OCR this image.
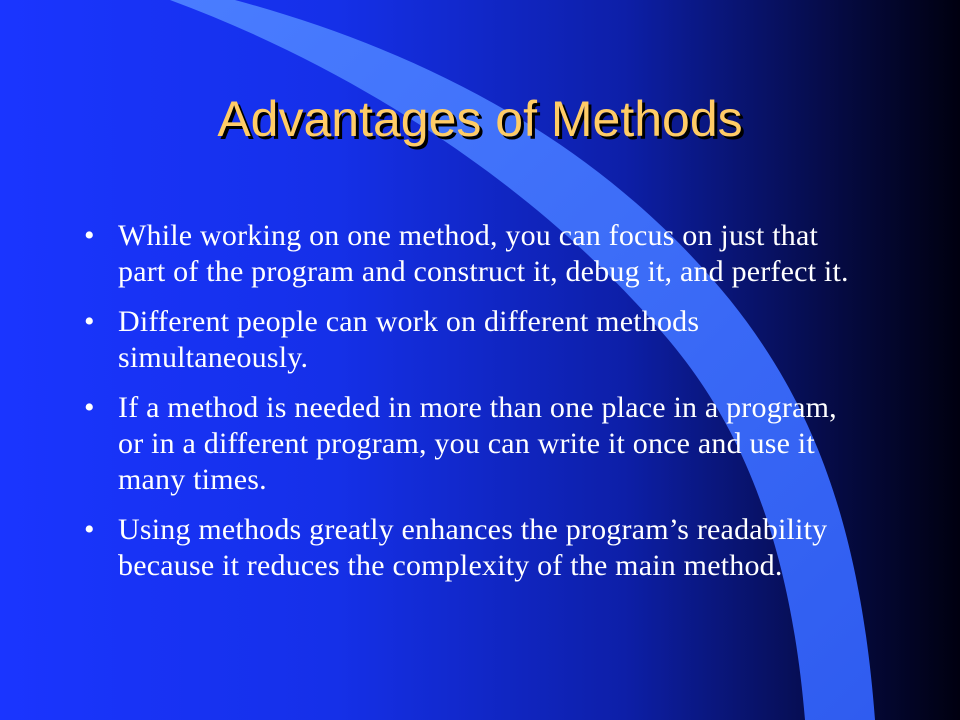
Advantages of Methods
• While working on one method, you can focus on just that part of the program and construct it, debug it, and perfect it.
• Different people can work on different methods simultaneously.
• If a method is needed in more than one place in a program, or in a different program, you can write it once and use it many times.
• Using methods greatly enhances the program’s readability because it reduces the complexity of the main method.
